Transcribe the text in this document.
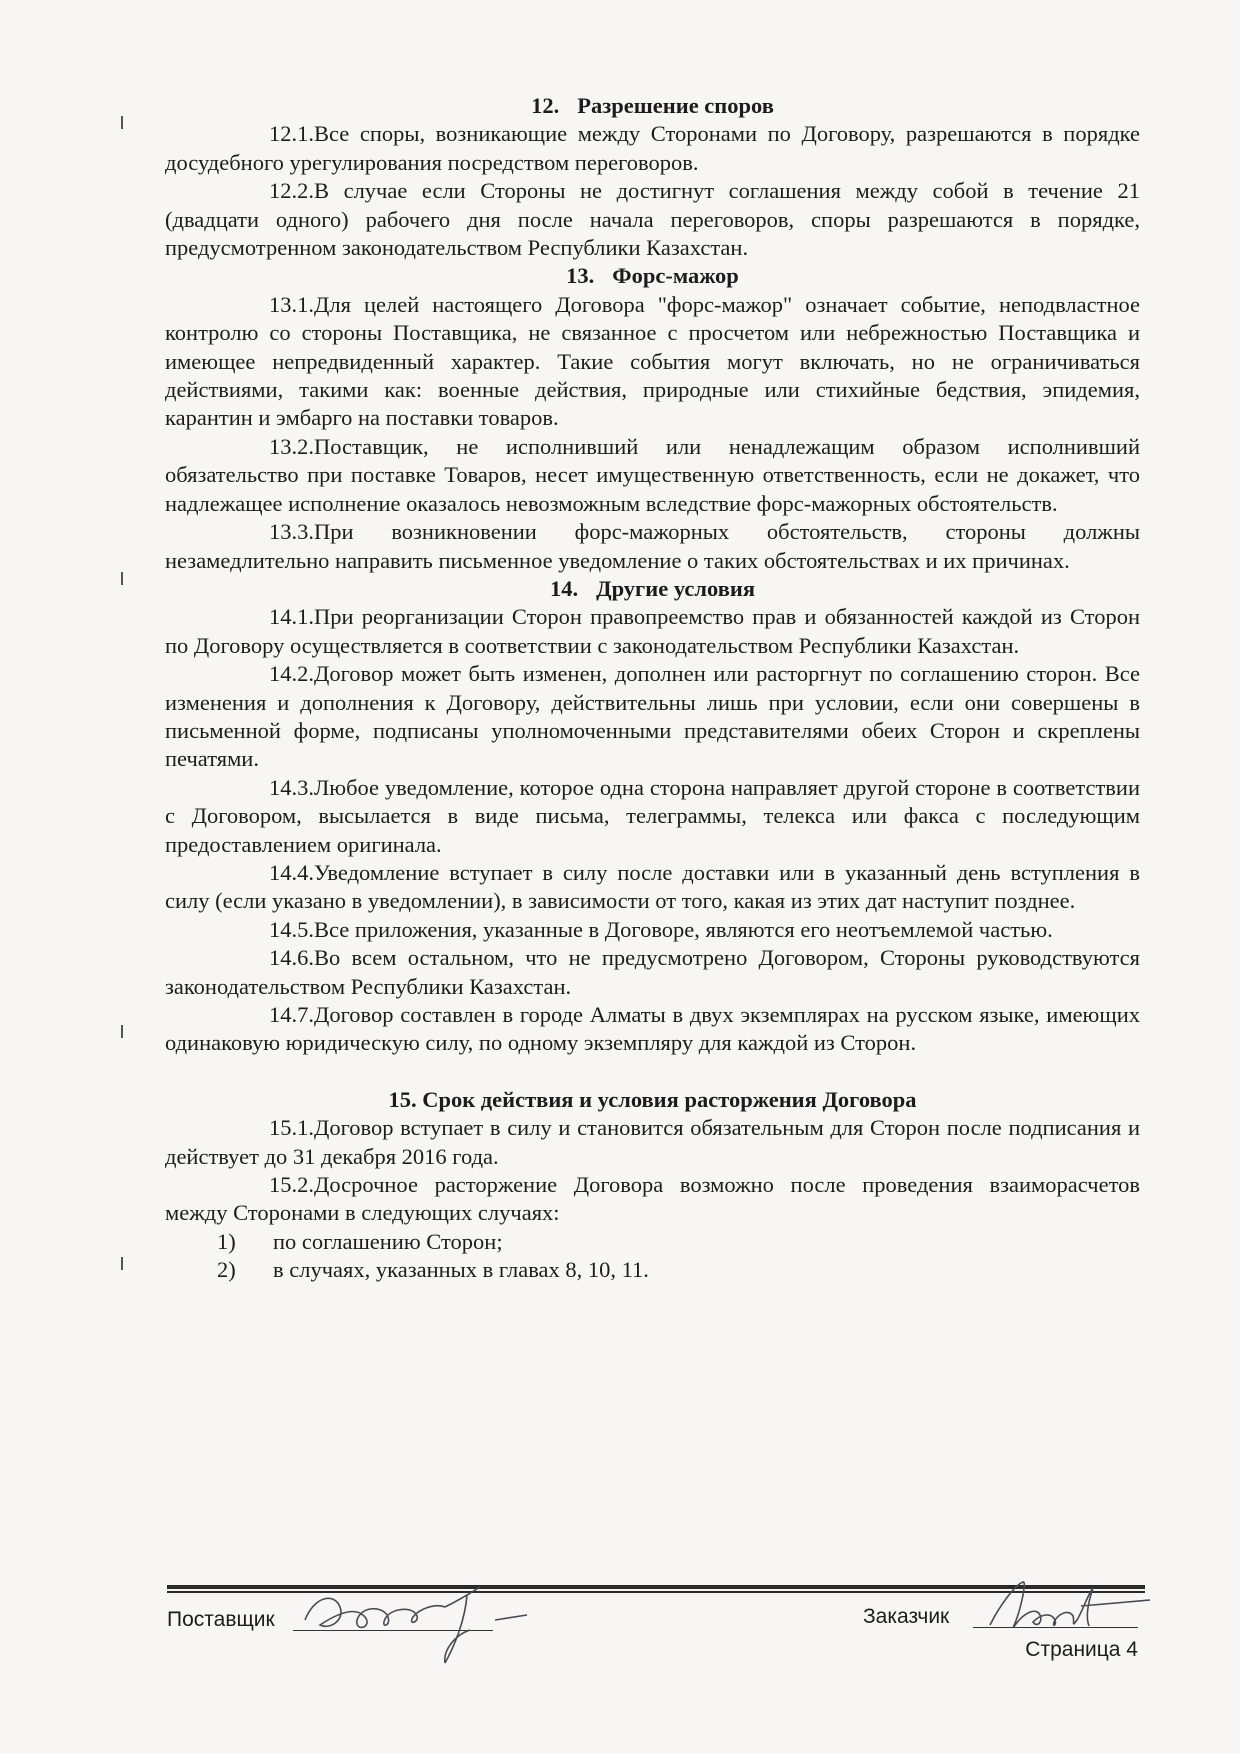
12. Разрешение споров
12.1.Все споры, возникающие между Сторонами по Договору, разрешаются в порядке досудебного урегулирования посредством переговоров.
12.2.В случае если Стороны не достигнут соглашения между собой в течение 21 (двадцати одного) рабочего дня после начала переговоров, споры разрешаются в порядке, предусмотренном законодательством Республики Казахстан.
13. Форс-мажор
13.1.Для целей настоящего Договора "форс-мажор" означает событие, неподвластное контролю со стороны Поставщика, не связанное с просчетом или небрежностью Поставщика и имеющее непредвиденный характер. Такие события могут включать, но не ограничиваться действиями, такими как: военные действия, природные или стихийные бедствия, эпидемия, карантин и эмбарго на поставки товаров.
13.2.Поставщик, не исполнивший или ненадлежащим образом исполнивший обязательство при поставке Товаров, несет имущественную ответственность, если не докажет, что надлежащее исполнение оказалось невозможным вследствие форс-мажорных обстоятельств.
13.3.При возникновении форс-мажорных обстоятельств, стороны должны незамедлительно направить письменное уведомление о таких обстоятельствах и их причинах.
14. Другие условия
14.1.При реорганизации Сторон правопреемство прав и обязанностей каждой из Сторон по Договору осуществляется в соответствии с законодательством Республики Казахстан.
14.2.Договор может быть изменен, дополнен или расторгнут по соглашению сторон. Все изменения и дополнения к Договору, действительны лишь при условии, если они совершены в письменной форме, подписаны уполномоченными представителями обеих Сторон и скреплены печатями.
14.3.Любое уведомление, которое одна сторона направляет другой стороне в соответствии с Договором, высылается в виде письма, телеграммы, телекса или факса с последующим предоставлением оригинала.
14.4.Уведомление вступает в силу после доставки или в указанный день вступления в силу (если указано в уведомлении), в зависимости от того, какая из этих дат наступит позднее.
14.5.Все приложения, указанные в Договоре, являются его неотъемлемой частью.
14.6.Во всем остальном, что не предусмотрено Договором, Стороны руководствуются законодательством Республики Казахстан.
14.7.Договор составлен в городе Алматы в двух экземплярах на русском языке, имеющих одинаковую юридическую силу, по одному экземпляру для каждой из Сторон.
15. Срок действия и условия расторжения Договора
15.1.Договор вступает в силу и становится обязательным для Сторон после подписания и действует до 31 декабря 2016 года.
15.2.Досрочное расторжение Договора возможно после проведения взаиморасчетов между Сторонами в следующих случаях:
1) по соглашению Сторон;
2) в случаях, указанных в главах 8, 10, 11.
Поставщик	Заказчик
Страница 4
